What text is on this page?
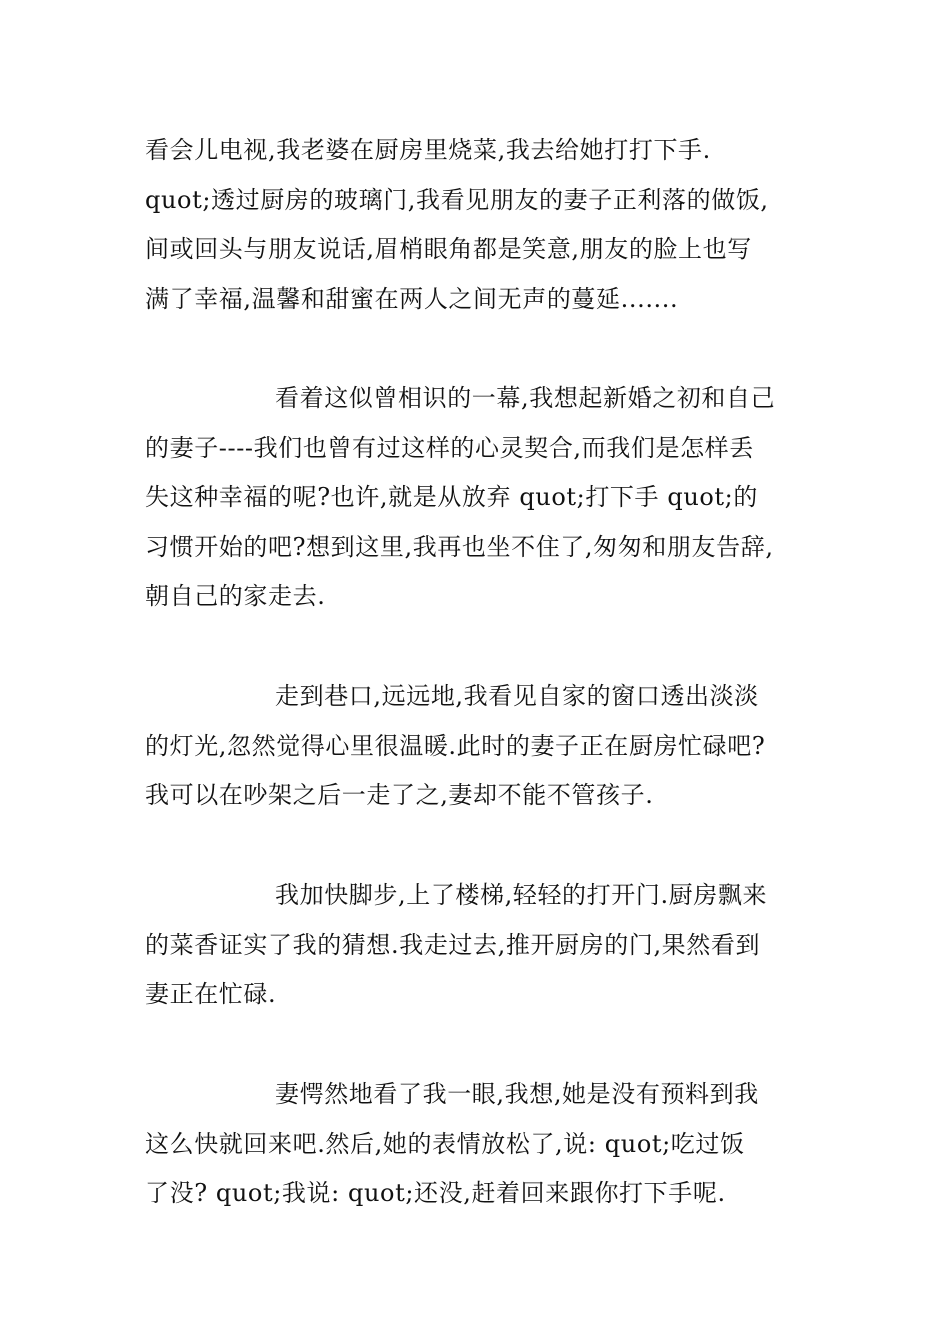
看会儿电视,我老婆在厨房里烧菜,我去给她打打下手.
quot;透过厨房的玻璃门,我看见朋友的妻子正利落的做饭,
间或回头与朋友说话,眉梢眼角都是笑意,朋友的脸上也写
满了幸福,温馨和甜蜜在两人之间无声的蔓延.......

看着这似曾相识的一幕,我想起新婚之初和自己
的妻子----我们也曾有过这样的心灵契合,而我们是怎样丢
失这种幸福的呢?也许,就是从放弃 quot;打下手 quot;的
习惯开始的吧?想到这里,我再也坐不住了,匆匆和朋友告辞,
朝自己的家走去.

走到巷口,远远地,我看见自家的窗口透出淡淡
的灯光,忽然觉得心里很温暖.此时的妻子正在厨房忙碌吧?
我可以在吵架之后一走了之,妻却不能不管孩子.

我加快脚步,上了楼梯,轻轻的打开门.厨房飘来
的菜香证实了我的猜想.我走过去,推开厨房的门,果然看到
妻正在忙碌.

妻愕然地看了我一眼,我想,她是没有预料到我
这么快就回来吧.然后,她的表情放松了,说: quot;吃过饭
了没? quot;我说: quot;还没,赶着回来跟你打下手呢.
